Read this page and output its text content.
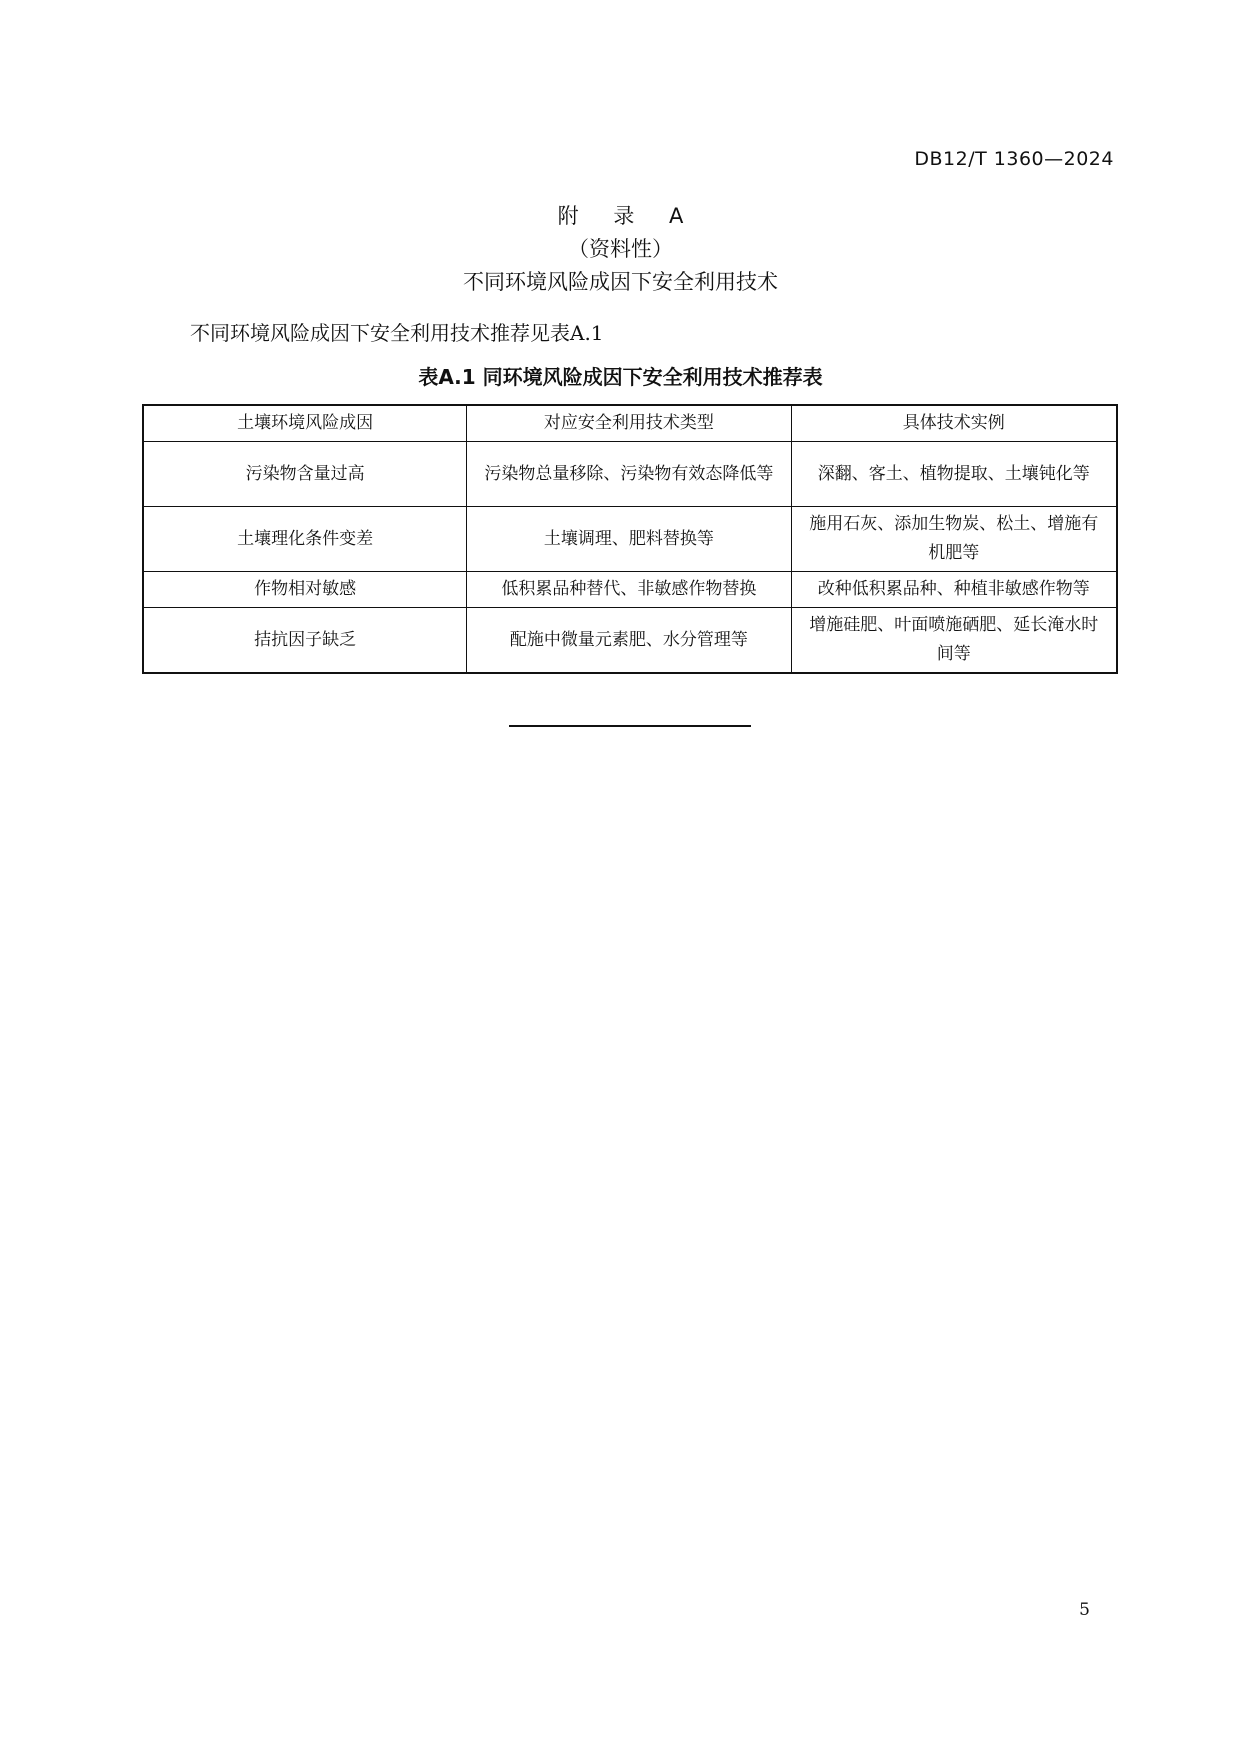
DB12/T 1360—2024
附 录 A
（资料性）
不同环境风险成因下安全利用技术
不同环境风险成因下安全利用技术推荐见表A.1
表A.1 同环境风险成因下安全利用技术推荐表
土壤环境风险成因	对应安全利用技术类型	具体技术实例
污染物含量过高	污染物总量移除、污染物有效态降低等	深翻、客土、植物提取、土壤钝化等
土壤理化条件变差	土壤调理、肥料替换等	施用石灰、添加生物炭、松土、增施有机肥等
作物相对敏感	低积累品种替代、非敏感作物替换	改种低积累品种、种植非敏感作物等
拮抗因子缺乏	配施中微量元素肥、水分管理等	增施硅肥、叶面喷施硒肥、延长淹水时间等
5
